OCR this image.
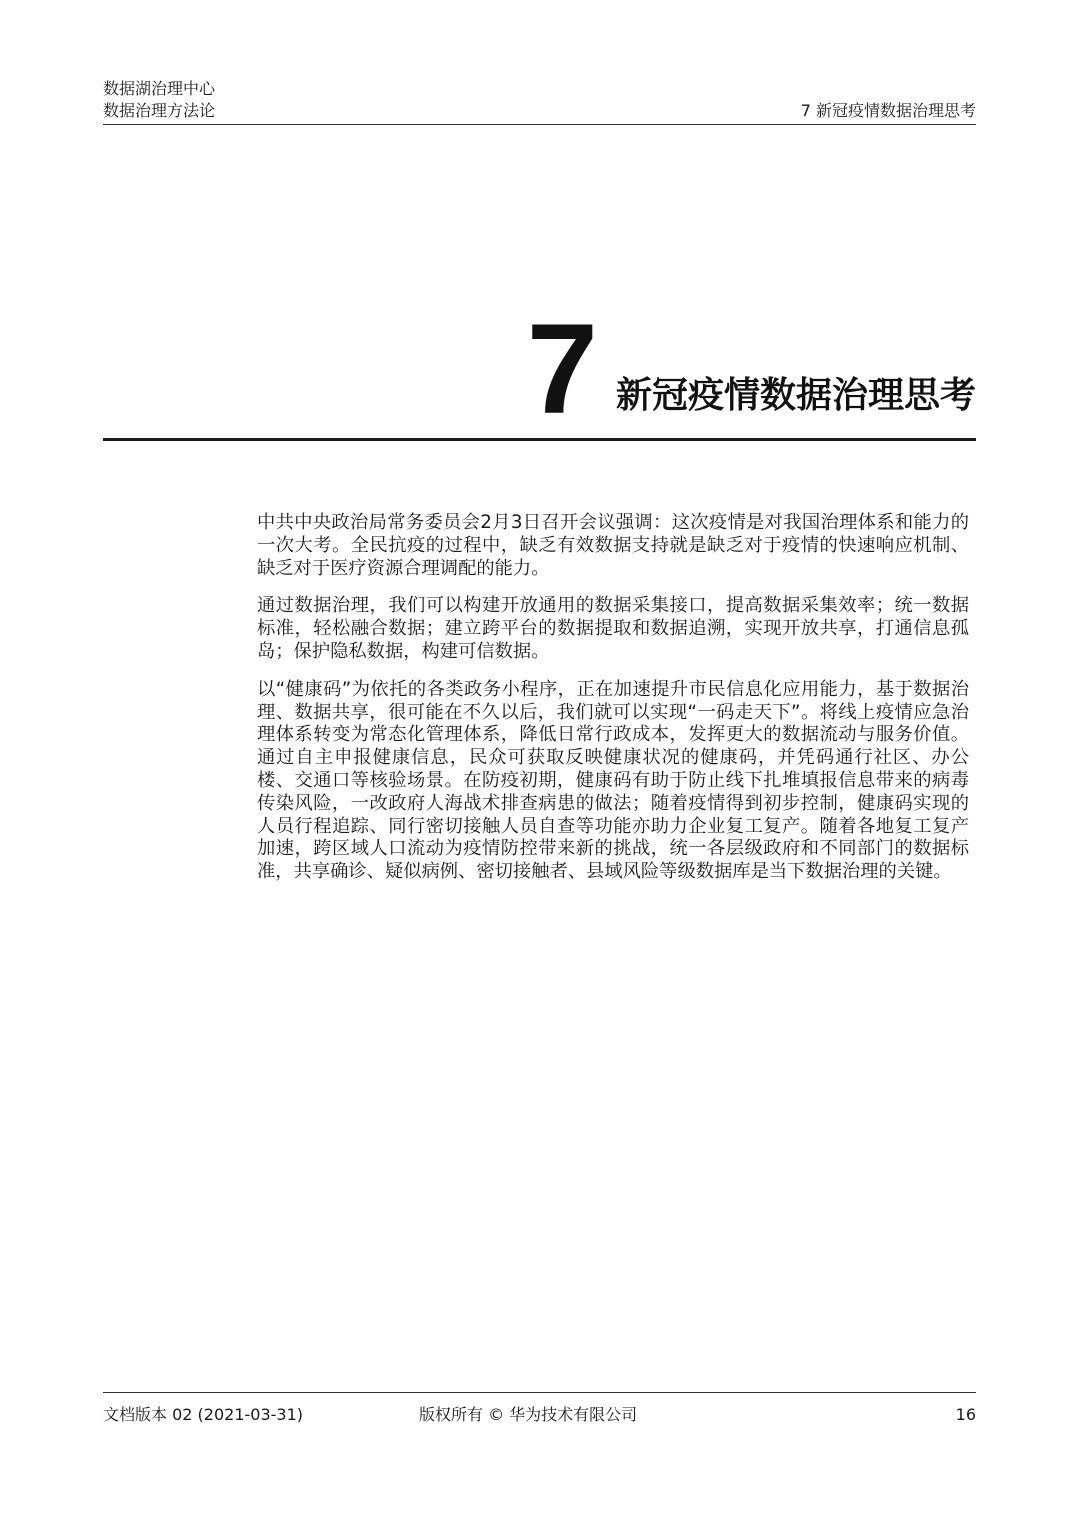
数据湖治理中心
数据治理方法论	7 新冠疫情数据治理思考
7 新冠疫情数据治理思考

中共中央政治局常务委员会2月3日召开会议强调：这次疫情是对我国治理体系和能力的一次大考。全民抗疫的过程中，缺乏有效数据支持就是缺乏对于疫情的快速响应机制、缺乏对于医疗资源合理调配的能力。

通过数据治理，我们可以构建开放通用的数据采集接口，提高数据采集效率；统一数据标准，轻松融合数据；建立跨平台的数据提取和数据追溯，实现开放共享，打通信息孤岛；保护隐私数据，构建可信数据。

以“健康码”为依托的各类政务小程序，正在加速提升市民信息化应用能力，基于数据治理、数据共享，很可能在不久以后，我们就可以实现“一码走天下”。将线上疫情应急治理体系转变为常态化管理体系，降低日常行政成本，发挥更大的数据流动与服务价值。通过自主申报健康信息，民众可获取反映健康状况的健康码，并凭码通行社区、办公楼、交通口等核验场景。在防疫初期，健康码有助于防止线下扎堆填报信息带来的病毒传染风险，一改政府人海战术排查病患的做法；随着疫情得到初步控制，健康码实现的人员行程追踪、同行密切接触人员自查等功能亦助力企业复工复产。随着各地复工复产加速，跨区域人口流动为疫情防控带来新的挑战，统一各层级政府和不同部门的数据标准，共享确诊、疑似病例、密切接触者、县域风险等级数据库是当下数据治理的关键。

文档版本 02 (2021-03-31)	版权所有 © 华为技术有限公司	16
